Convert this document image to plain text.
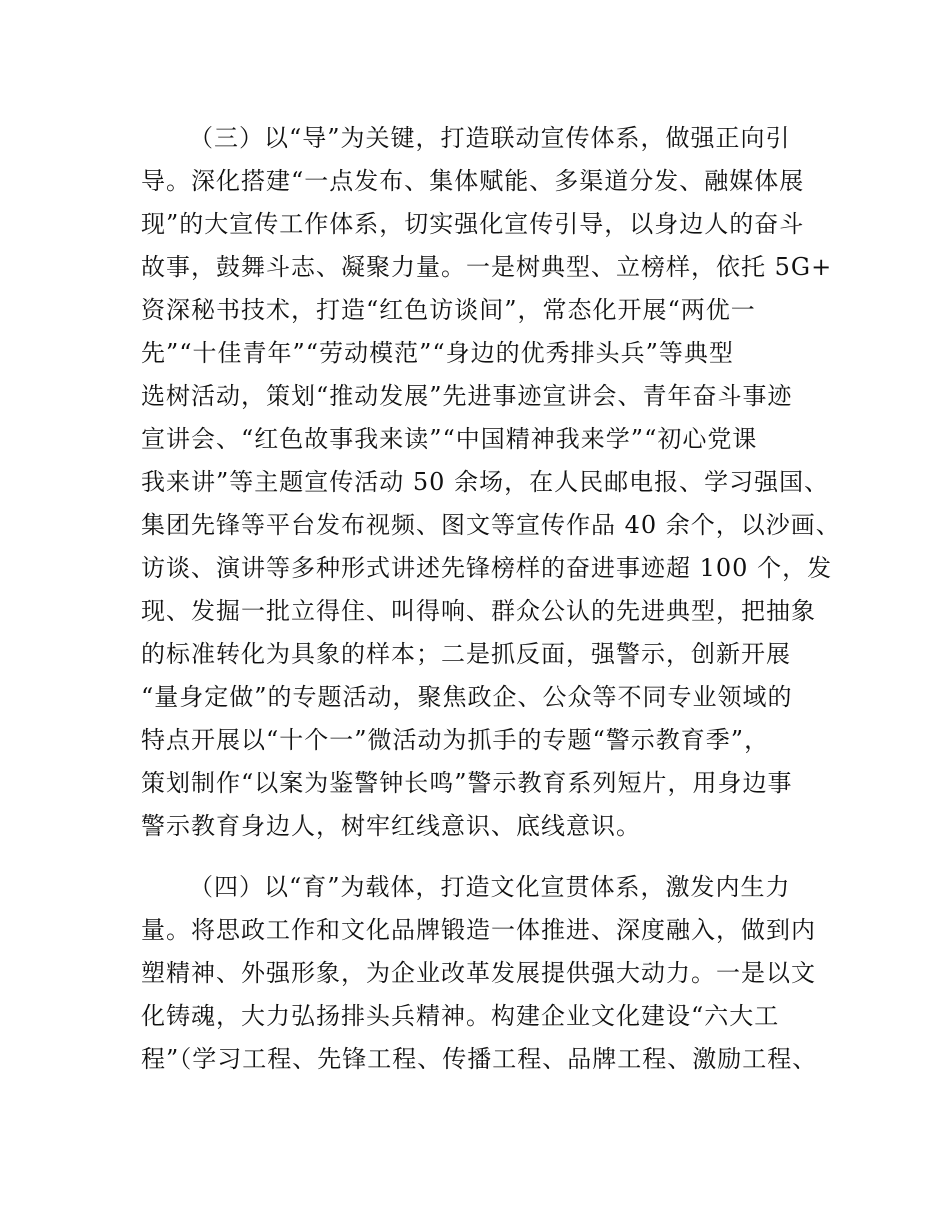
（三）以“导”为关键，打造联动宣传体系，做强正向引
导。深化搭建“一点发布、集体赋能、多渠道分发、融媒体展
现”的大宣传工作体系，切实强化宣传引导，以身边人的奋斗
故事，鼓舞斗志、凝聚力量。一是树典型、立榜样，依托 5G+
资深秘书技术，打造“红色访谈间”，常态化开展“两优一
先”“十佳青年”“劳动模范”“身边的优秀排头兵”等典型
选树活动，策划“推动发展”先进事迹宣讲会、青年奋斗事迹
宣讲会、“红色故事我来读”“中国精神我来学”“初心党课
我来讲”等主题宣传活动 50 余场，在人民邮电报、学习强国、
集团先锋等平台发布视频、图文等宣传作品 40 余个，以沙画、
访谈、演讲等多种形式讲述先锋榜样的奋进事迹超 100 个，发
现、发掘一批立得住、叫得响、群众公认的先进典型，把抽象
的标准转化为具象的样本；二是抓反面，强警示，创新开展
“量身定做”的专题活动，聚焦政企、公众等不同专业领域的
特点开展以“十个一”微活动为抓手的专题“警示教育季”，
策划制作“以案为鉴警钟长鸣”警示教育系列短片，用身边事
警示教育身边人，树牢红线意识、底线意识。
（四）以“育”为载体，打造文化宣贯体系，激发内生力
量。将思政工作和文化品牌锻造一体推进、深度融入，做到内
塑精神、外强形象，为企业改革发展提供强大动力。一是以文
化铸魂，大力弘扬排头兵精神。构建企业文化建设“六大工
程”（学习工程、先锋工程、传播工程、品牌工程、激励工程、
